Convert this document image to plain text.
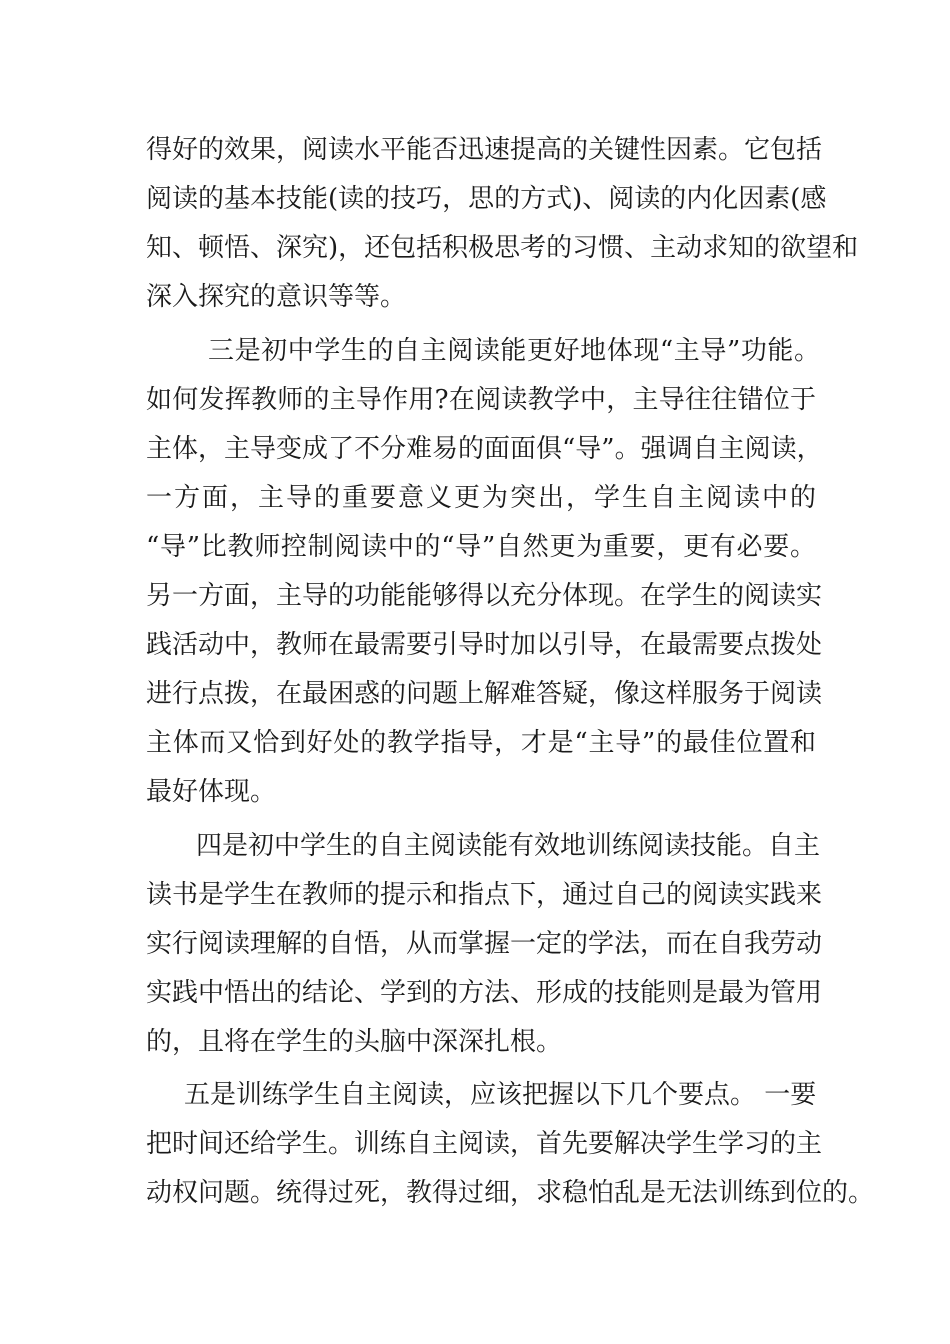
得好的效果，阅读水平能否迅速提高的关键性因素。它包括
阅读的基本技能(读的技巧，思的方式)、阅读的内化因素(感
知、顿悟、深究)，还包括积极思考的习惯、主动求知的欲望和
深入探究的意识等等。
三是初中学生的自主阅读能更好地体现“主导”功能。
如何发挥教师的主导作用?在阅读教学中，主导往往错位于
主体，主导变成了不分难易的面面俱“导”。强调自主阅读，
一方面，主导的重要意义更为突出，学生自主阅读中的
“导”比教师控制阅读中的“导”自然更为重要，更有必要。
另一方面，主导的功能能够得以充分体现。在学生的阅读实
践活动中，教师在最需要引导时加以引导，在最需要点拨处
进行点拨，在最困惑的问题上解难答疑，像这样服务于阅读
主体而又恰到好处的教学指导，才是“主导”的最佳位置和
最好体现。
四是初中学生的自主阅读能有效地训练阅读技能。自主
读书是学生在教师的提示和指点下，通过自己的阅读实践来
实行阅读理解的自悟，从而掌握一定的学法，而在自我劳动
实践中悟出的结论、学到的方法、形成的技能则是最为管用
的，且将在学生的头脑中深深扎根。
五是训练学生自主阅读，应该把握以下几个要点。 一要
把时间还给学生。训练自主阅读，首先要解决学生学习的主
动权问题。统得过死，教得过细，求稳怕乱是无法训练到位的。
